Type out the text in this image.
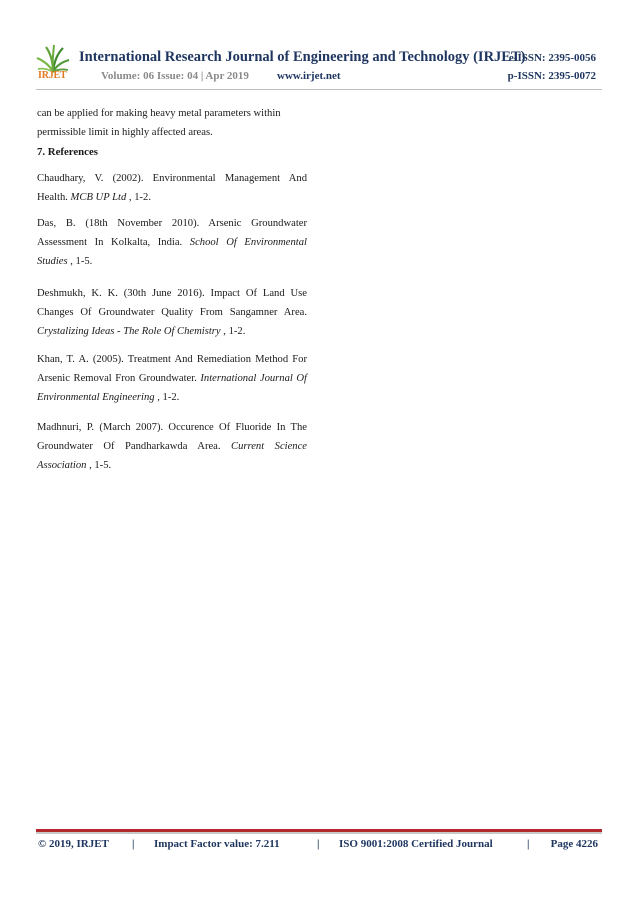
IRJET
International Research Journal of Engineering and Technology (IRJET)
e-ISSN: 2395-0056
Volume: 06 Issue: 04 | Apr 2019	www.irjet.net	p-ISSN: 2395-0072
can be applied for making heavy metal parameters within
permissible limit in highly affected areas.
7. References
Chaudhary, V. (2002). Environmental Management And Health. MCB UP Ltd , 1-2.
Das, B. (18th November 2010). Arsenic Groundwater Assessment In Kolkalta, India. School Of Environmental Studies , 1-5.
Deshmukh, K. K. (30th June 2016). Impact Of Land Use Changes Of Groundwater Quality From Sangamner Area. Crystalizing Ideas - The Role Of Chemistry , 1-2.
Khan, T. A. (2005). Treatment And Remediation Method For Arsenic Removal Fron Groundwater. International Journal Of Environmental Engineering , 1-2.
Madhnuri, P. (March 2007). Occurence Of Fluoride In The Groundwater Of Pandharkawda Area. Current Science Association , 1-5.
© 2019, IRJET | Impact Factor value: 7.211	| ISO 9001:2008 Certified Journal	| Page 4226
